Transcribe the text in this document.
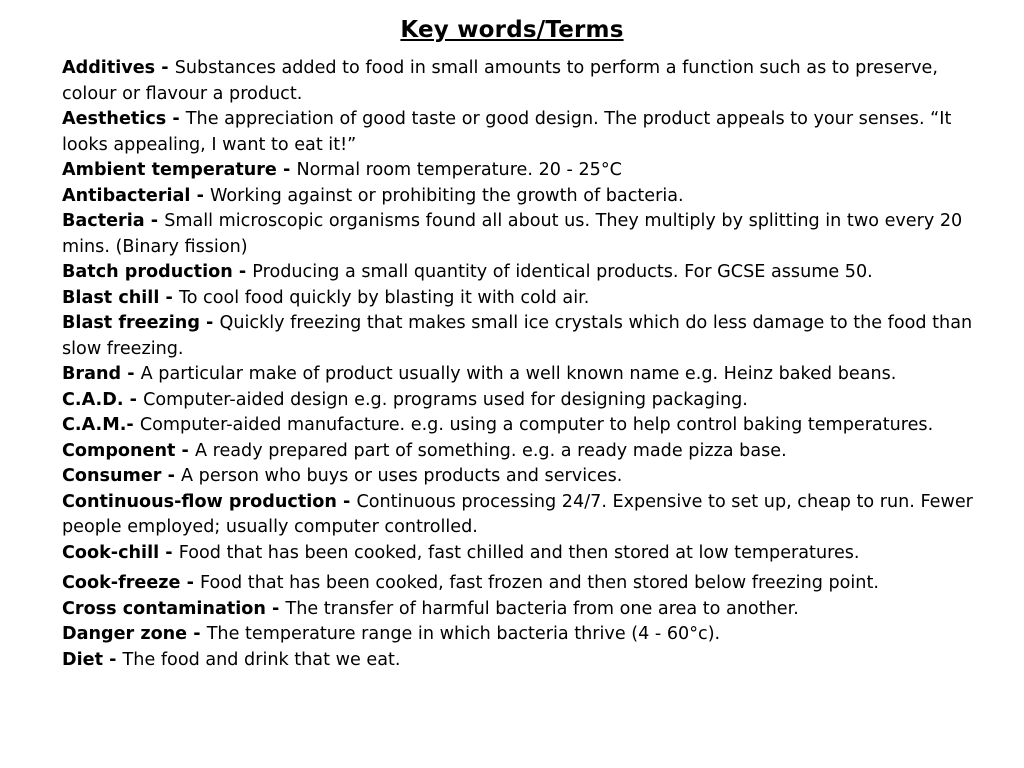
Key words/Terms
Additives - Substances added to food in small amounts to perform a function such as to preserve, colour or flavour a product.
Aesthetics - The appreciation of good taste or good design. The product appeals to your senses. “It looks appealing, I want to eat it!”
Ambient temperature - Normal room temperature. 20 - 25°C
Antibacterial - Working against or prohibiting the growth of bacteria.
Bacteria - Small microscopic organisms found all about us. They multiply by splitting in two every 20 mins. (Binary fission)
Batch production - Producing a small quantity of identical products. For GCSE assume 50.
Blast chill - To cool food quickly by blasting it with cold air.
Blast freezing - Quickly freezing that makes small ice crystals which do less damage to the food than slow freezing.
Brand - A particular make of product usually with a well known name e.g. Heinz baked beans.
C.A.D. - Computer-aided design e.g. programs used for designing packaging.
C.A.M.- Computer-aided manufacture. e.g. using a computer to help control baking temperatures.
Component - A ready prepared part of something. e.g. a ready made pizza base.
Consumer - A person who buys or uses products and services.
Continuous-flow production - Continuous processing 24/7. Expensive to set up, cheap to run. Fewer people employed; usually computer controlled.
Cook-chill - Food that has been cooked, fast chilled and then stored at low temperatures.
Cook-freeze - Food that has been cooked, fast frozen and then stored below freezing point.
Cross contamination - The transfer of harmful bacteria from one area to another.
Danger zone - The temperature range in which bacteria thrive (4 - 60°c).
Diet - The food and drink that we eat.
